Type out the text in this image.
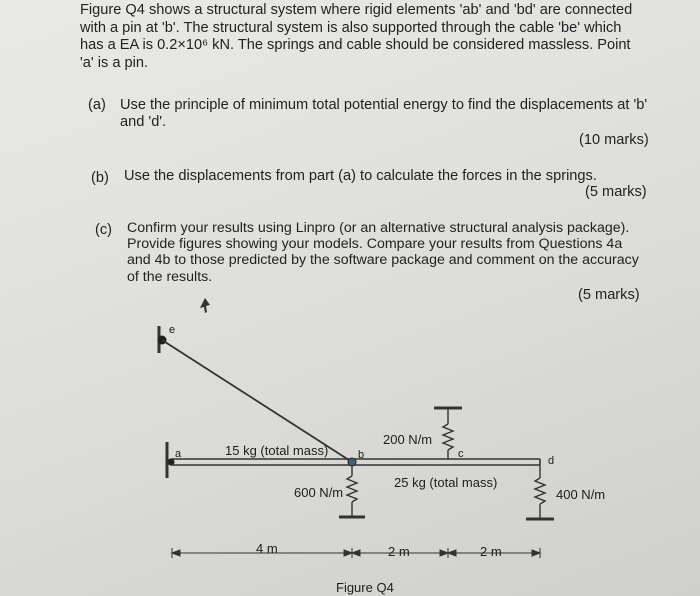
Figure Q4 shows a structural system where rigid elements 'ab' and 'bd' are connected
with a pin at 'b'. The structural system is also supported through the cable 'be' which
has a EA is 0.2×10⁶ kN. The springs and cable should be considered massless. Point
'a' is a pin.
(a) Use the principle of minimum total potential energy to find the displacements at 'b'
and 'd'.
(10 marks)
(b) Use the displacements from part (a) to calculate the forces in the springs.
(5 marks)
(c) Confirm your results using Linpro (or an alternative structural analysis package).
Provide figures showing your models. Compare your results from Questions 4a
and 4b to those predicted by the software package and comment on the accuracy
of the results.
(5 marks)
e
a	b
600 N/m
200 N/m
c
400 N/m
d
15 kg (total mass)
25 kg (total mass)
4 m	2 m	2 m
Figure Q4
